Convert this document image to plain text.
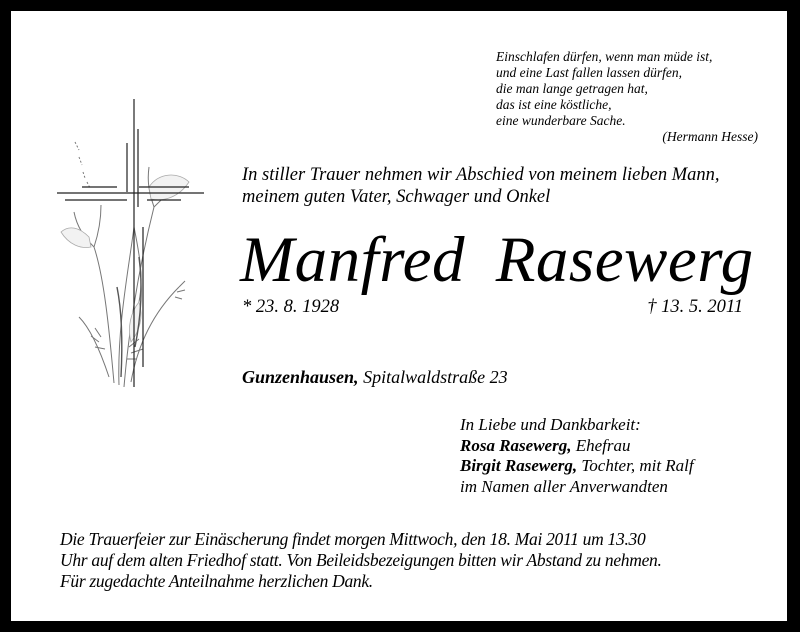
Einschlafen dürfen, wenn man müde ist,
und eine Last fallen lassen dürfen,
die man lange getragen hat,
das ist eine köstliche,
eine wunderbare Sache.
(Hermann Hesse)
In stiller Trauer nehmen wir Abschied von meinem lieben Mann,
meinem guten Vater, Schwager und Onkel
Manfred Rasewerg
* 23. 8. 1928	† 13. 5. 2011
Gunzenhausen, Spitalwaldstraße 23
In Liebe und Dankbarkeit:
Rosa Rasewerg, Ehefrau
Birgit Rasewerg, Tochter, mit Ralf
im Namen aller Anverwandten
Die Trauerfeier zur Einäscherung findet morgen Mittwoch, den 18. Mai 2011 um 13.30
Uhr auf dem alten Friedhof statt. Von Beileidsbezeigungen bitten wir Abstand zu nehmen.
Für zugedachte Anteilnahme herzlichen Dank.
